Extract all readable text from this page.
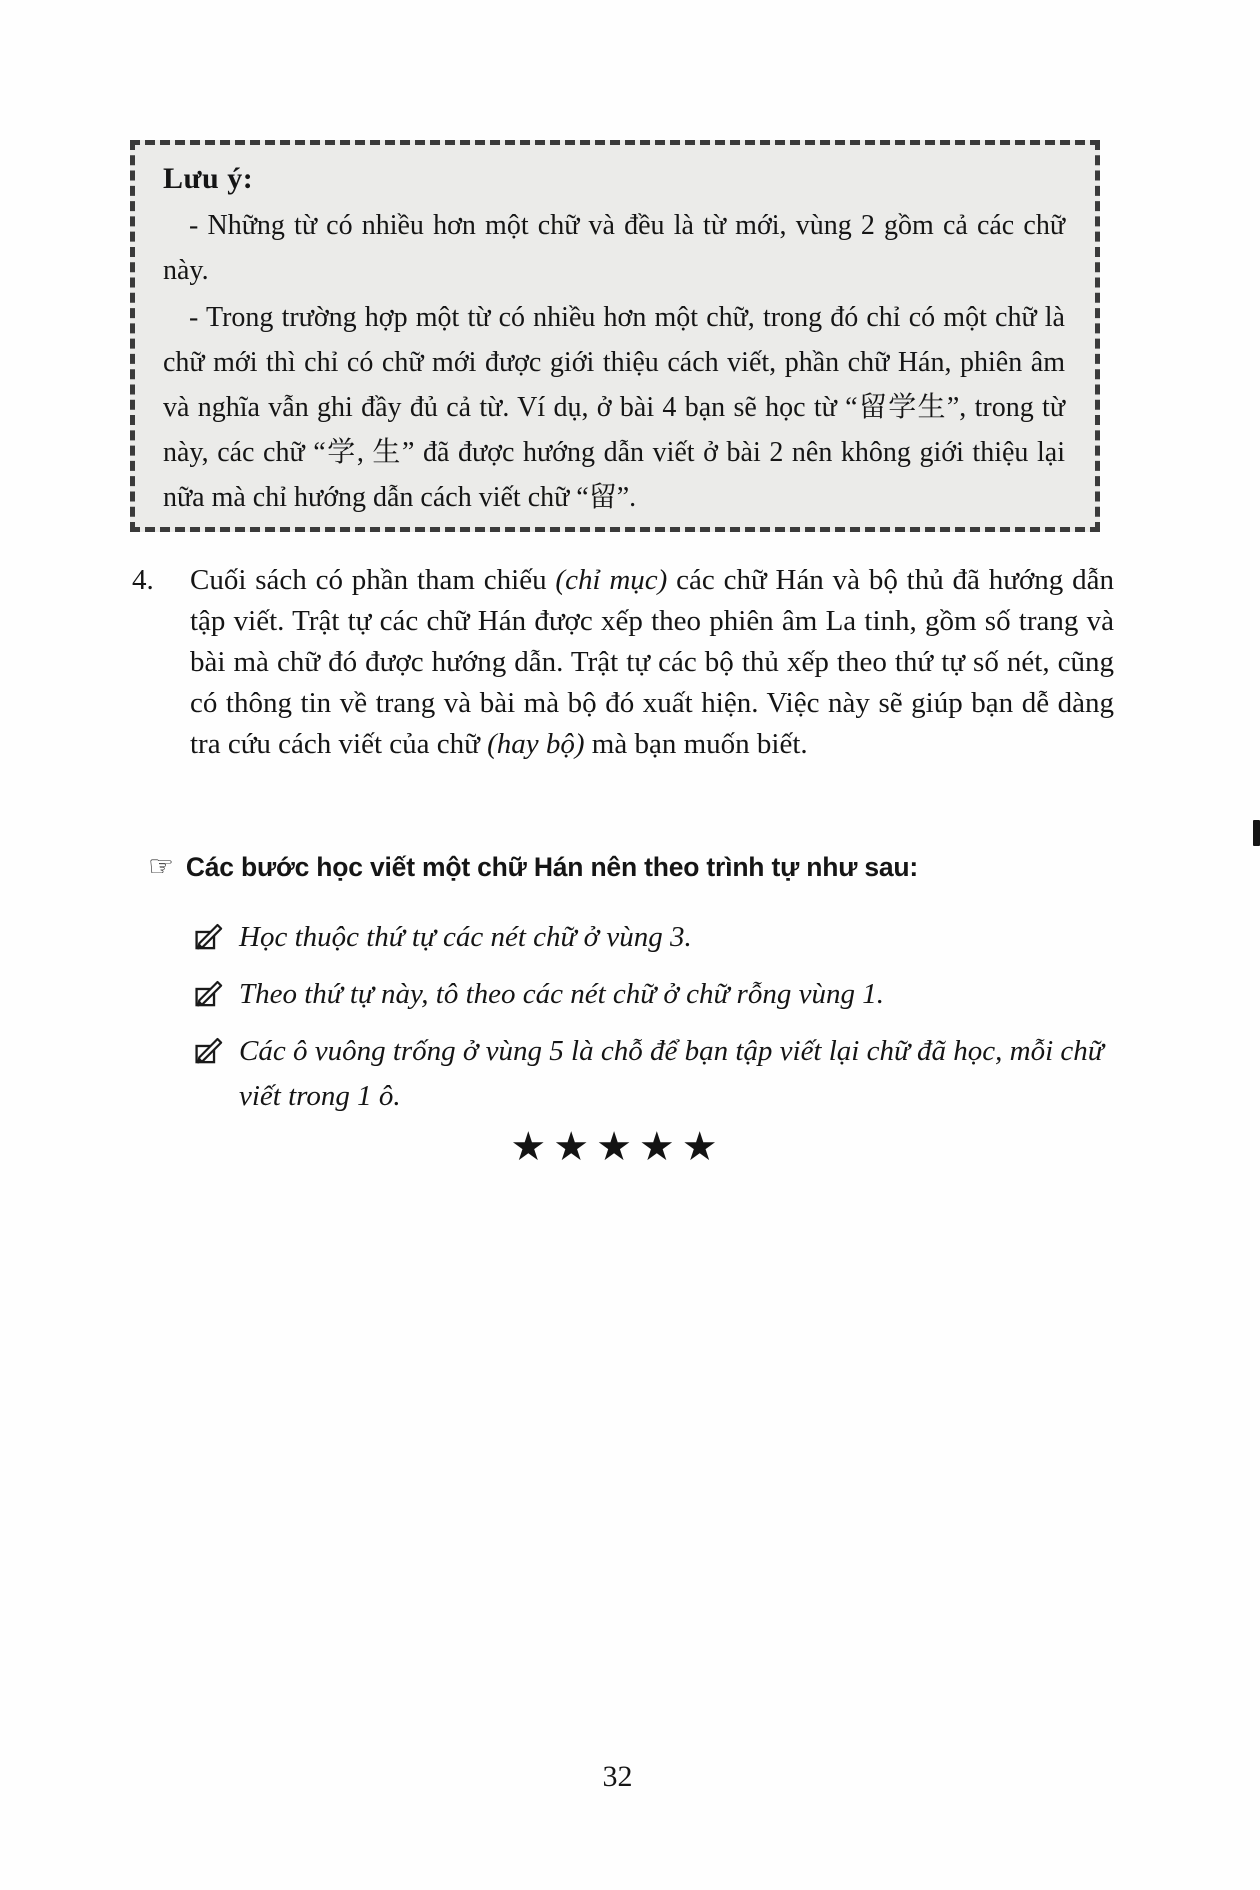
Lưu ý:

- Những từ có nhiều hơn một chữ và đều là từ mới, vùng 2 gồm cả các chữ này.

- Trong trường hợp một từ có nhiều hơn một chữ, trong đó chỉ có một chữ là chữ mới thì chỉ có chữ mới được giới thiệu cách viết, phần chữ Hán, phiên âm và nghĩa vẫn ghi đầy đủ cả từ. Ví dụ, ở bài 4 bạn sẽ học từ “留学生”, trong từ này, các chữ “学, 生” đã được hướng dẫn viết ở bài 2 nên không giới thiệu lại nữa mà chỉ hướng dẫn cách viết chữ “留”.

4.	Cuối sách có phần tham chiếu (chỉ mục) các chữ Hán và bộ thủ đã hướng dẫn tập viết. Trật tự các chữ Hán được xếp theo phiên âm La tinh, gồm số trang và bài mà chữ đó được hướng dẫn. Trật tự các bộ thủ xếp theo thứ tự số nét, cũng có thông tin về trang và bài mà bộ đó xuất hiện. Việc này sẽ giúp bạn dễ dàng tra cứu cách viết của chữ (hay bộ) mà bạn muốn biết.
☞ Các bước học viết một chữ Hán nên theo trình tự như sau:
Học thuộc thứ tự các nét chữ ở vùng 3.
Theo thứ tự này, tô theo các nét chữ ở chữ rỗng vùng 1.
Các ô vuông trống ở vùng 5 là chỗ để bạn tập viết lại chữ đã học, mỗi chữ viết trong 1 ô.
★★★★★
32
